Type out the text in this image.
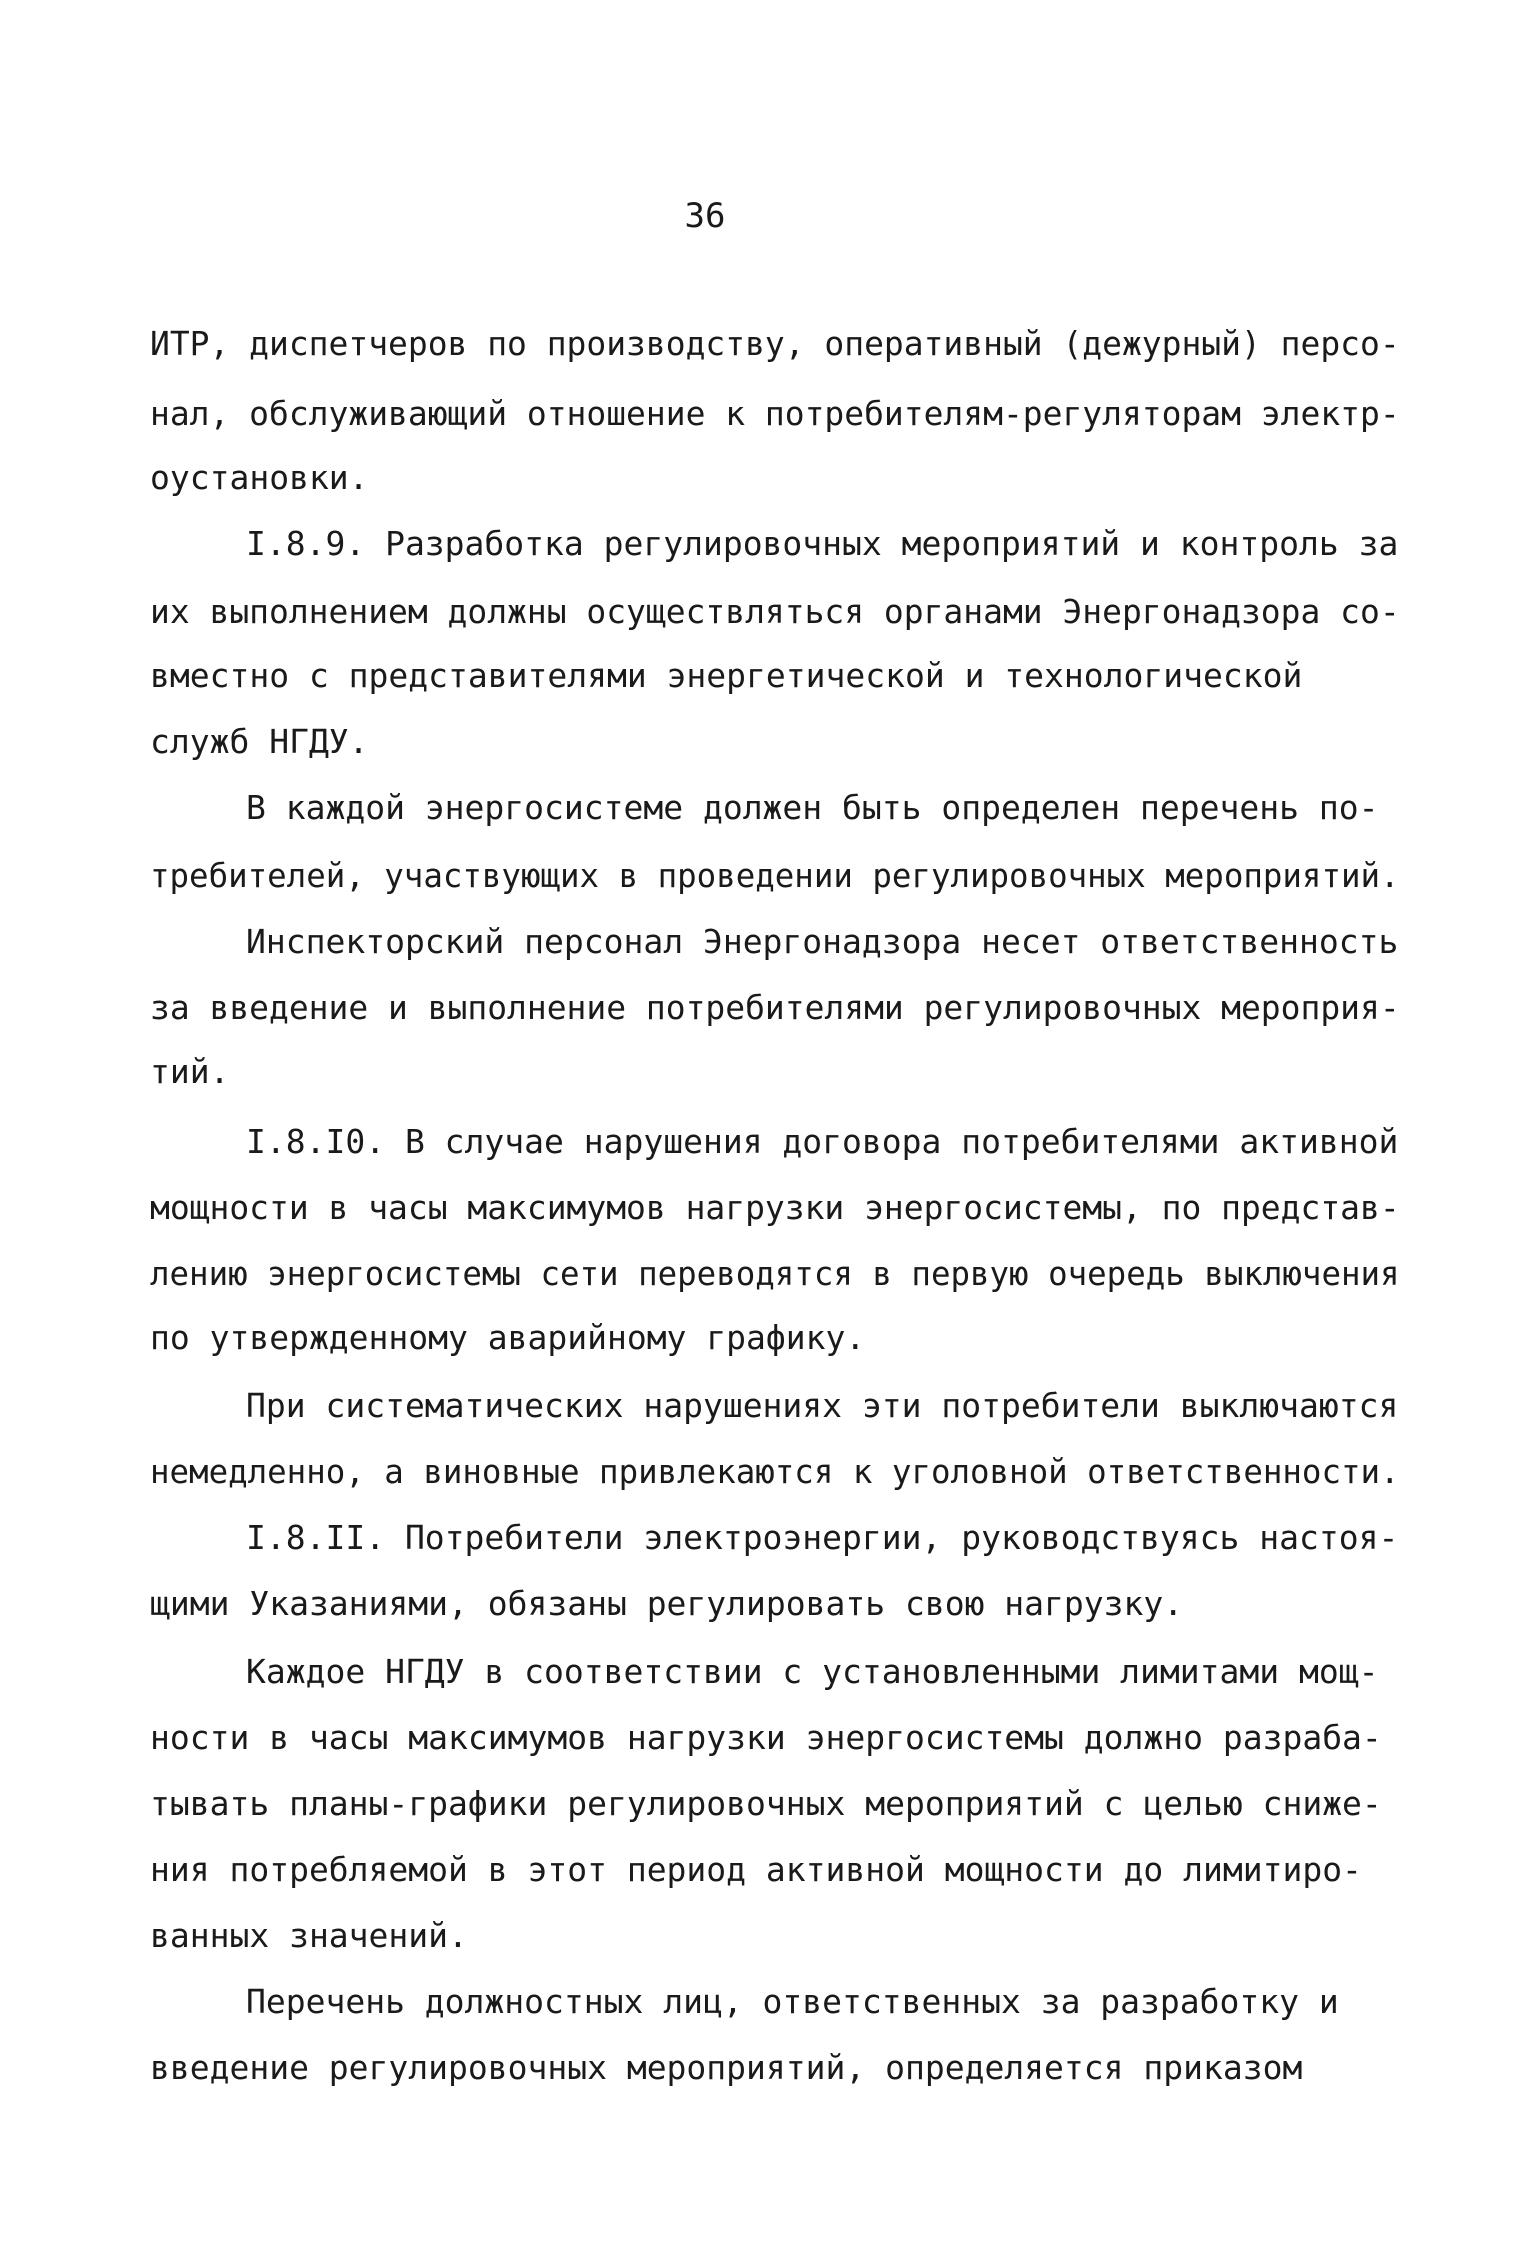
36
ИТР, диспетчеров по производству, оперативный (дежурный) персо-
нал, обслуживающий отношение к потребителям-регуляторам электр-
оустановки.
I.8.9. Разработка регулировочных мероприятий и контроль за
их выполнением должны осуществляться органами Энергонадзора со-
вместно с представителями энергетической и технологической
служб НГДУ.
В каждой энергосистеме должен быть определен перечень по-
требителей, участвующих в проведении регулировочных мероприятий.
Инспекторский персонал Энергонадзора несет ответственность
за введение и выполнение потребителями регулировочных мероприя-
тий.
I.8.I0. В случае нарушения договора потребителями активной
мощности в часы максимумов нагрузки энергосистемы, по представ-
лению энергосистемы сети переводятся в первую очередь выключения
по утвержденному аварийному графику.
При систематических нарушениях эти потребители выключаются
немедленно, а виновные привлекаются к уголовной ответственности.
I.8.II. Потребители электроэнергии, руководствуясь настоя-
щими Указаниями, обязаны регулировать свою нагрузку.
Каждое НГДУ в соответствии с установленными лимитами мощ-
ности в часы максимумов нагрузки энергосистемы должно разраба-
тывать планы-графики регулировочных мероприятий с целью сниже-
ния потребляемой в этот период активной мощности до лимитиро-
ванных значений.
Перечень должностных лиц, ответственных за разработку и
введение регулировочных мероприятий, определяется приказом
